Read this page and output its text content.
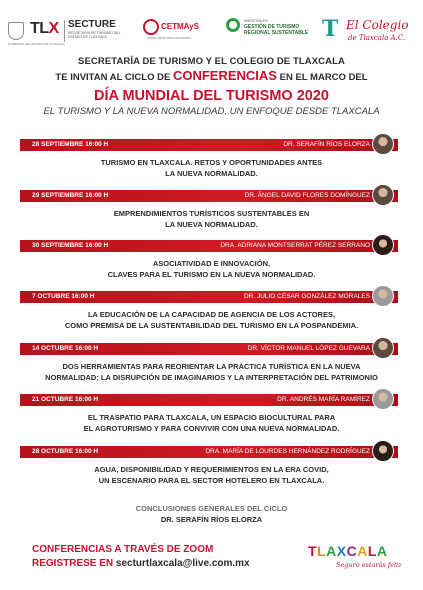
GOBIERNO DEL ESTADO DE TLAXCALA
TLX SECTURE
SECRETARÍA DE TURISMO DEL ESTADO DE TLAXCALA
CETMAyS
CENTRO DE ESTUDIOS EN TURISMO
MAESTRÍA EN
GESTIÓN DE TURISMO
REGIONAL SUSTENTABLE T El Colegio
de Tlaxcala A.C.
SECRETARÍA DE TURISMO Y EL COLEGIO DE TLAXCALA
TE INVITAN AL CICLO DE CONFERENCIAS EN EL MARCO DEL
DÍA MUNDIAL DEL TURISMO 2020
EL TURISMO Y LA NUEVA NORMALIDAD, UN ENFOQUE DESDE TLAXCALA
28 SEPTIEMBRE 16:00 H	DR. SERAFÍN RÍOS ELORZA
TURISMO EN TLAXCALA. RETOS Y OPORTUNIDADES ANTES
LA NUEVA NORMALIDAD.
29 SEPTIEMBRE 16:00 H	DR. ÁNGEL DAVID FLORES DOMÍNGUEZ
EMPRENDIMIENTOS TURÍSTICOS SUSTENTABLES EN
LA NUEVA NORMALIDAD.
30 SEPTIEMBRE 16:00 H	DRA. ADRIANA MONTSERRAT PÉREZ SERRANO
ASOCIATIVIDAD E INNOVACIÓN,
CLAVES PARA EL TURISMO EN LA NUEVA NORMALIDAD.
7 OCTUBRE 16:00 H	DR. JULIO CÉSAR GONZÁLEZ MORALES
LA EDUCACIÓN DE LA CAPACIDAD DE AGENCIA DE LOS ACTORES,
COMO PREMISA DE LA SUSTENTABILIDAD DEL TURISMO EN LA POSPANDEMIA.
14 OCTUBRE 16:00 H	DR. VÍCTOR MANUEL LÓPEZ GUEVARA
DOS HERRAMIENTAS PARA REORIENTAR LA PRÁCTICA TURÍSTICA EN LA NUEVA
NORMALIDAD: LA DISRUPCIÓN DE IMAGINARIOS Y LA INTERPRETACIÓN DEL PATRIMONIO
21 OCTUBRE 16:00 H	DR. ANDRÉS MARÍA RAMÍREZ
EL TRASPATIO PARA TLAXCALA, UN ESPACIO BIOCULTURAL PARA
EL AGROTURISMO Y PARA CONVIVIR CON UNA NUEVA NORMALIDAD.
28 OCTUBRE 16:00 H	DRA. MARÍA DE LOURDES HERNÁNDEZ RODRÍGUEZ
AGUA, DISPONIBILIDAD Y REQUERIMIENTOS EN LA ERA COVID,
UN ESCENARIO PARA EL SECTOR HOTELERO EN TLAXCALA.
CONCLUSIONES GENERALES DEL CICLO
DR. SERAFÍN RÍOS ELORZA
CONFERENCIAS A TRAVÉS DE ZOOM
REGISTRESE EN secturtlaxcala@live.com.mx
TLAXCALA
Seguro estarás feliz
